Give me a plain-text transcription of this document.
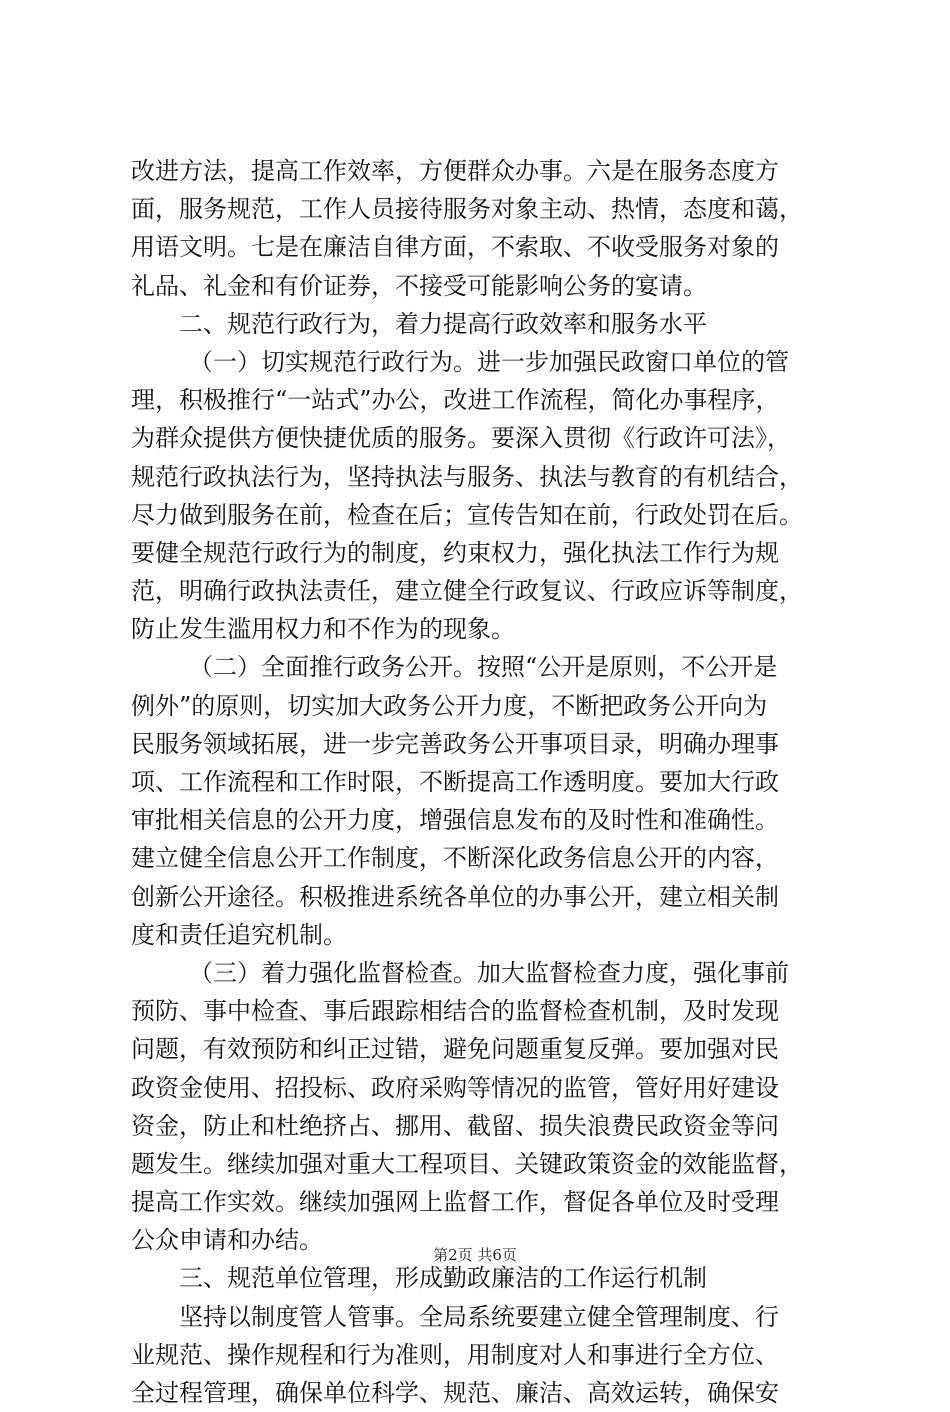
改进方法，提高工作效率，方便群众办事。六是在服务态度方
面，服务规范，工作人员接待服务对象主动、热情，态度和蔼，
用语文明。七是在廉洁自律方面，不索取、不收受服务对象的
礼品、礼金和有价证券，不接受可能影响公务的宴请。
二、规范行政行为，着力提高行政效率和服务水平
（一）切实规范行政行为。进一步加强民政窗口单位的管
理，积极推行“一站式”办公，改进工作流程，简化办事程序，
为群众提供方便快捷优质的服务。要深入贯彻《行政许可法》，
规范行政执法行为，坚持执法与服务、执法与教育的有机结合，
尽力做到服务在前，检查在后；宣传告知在前，行政处罚在后。
要健全规范行政行为的制度，约束权力，强化执法工作行为规
范，明确行政执法责任，建立健全行政复议、行政应诉等制度，
防止发生滥用权力和不作为的现象。
（二）全面推行政务公开。按照“公开是原则，不公开是
例外”的原则，切实加大政务公开力度，不断把政务公开向为
民服务领域拓展，进一步完善政务公开事项目录，明确办理事
项、工作流程和工作时限，不断提高工作透明度。要加大行政
审批相关信息的公开力度，增强信息发布的及时性和准确性。
建立健全信息公开工作制度，不断深化政务信息公开的内容，
创新公开途径。积极推进系统各单位的办事公开，建立相关制
度和责任追究机制。
（三）着力强化监督检查。加大监督检查力度，强化事前
预防、事中检查、事后跟踪相结合的监督检查机制，及时发现
问题，有效预防和纠正过错，避免问题重复反弹。要加强对民
政资金使用、招投标、政府采购等情况的监管，管好用好建设
资金，防止和杜绝挤占、挪用、截留、损失浪费民政资金等问
题发生。继续加强对重大工程项目、关键政策资金的效能监督，
提高工作实效。继续加强网上监督工作，督促各单位及时受理
公众申请和办结。
三、规范单位管理，形成勤政廉洁的工作运行机制
坚持以制度管人管事。全局系统要建立健全管理制度、行
业规范、操作规程和行为准则，用制度对人和事进行全方位、
全过程管理，确保单位科学、规范、廉洁、高效运转，确保安
第2页 共6页
